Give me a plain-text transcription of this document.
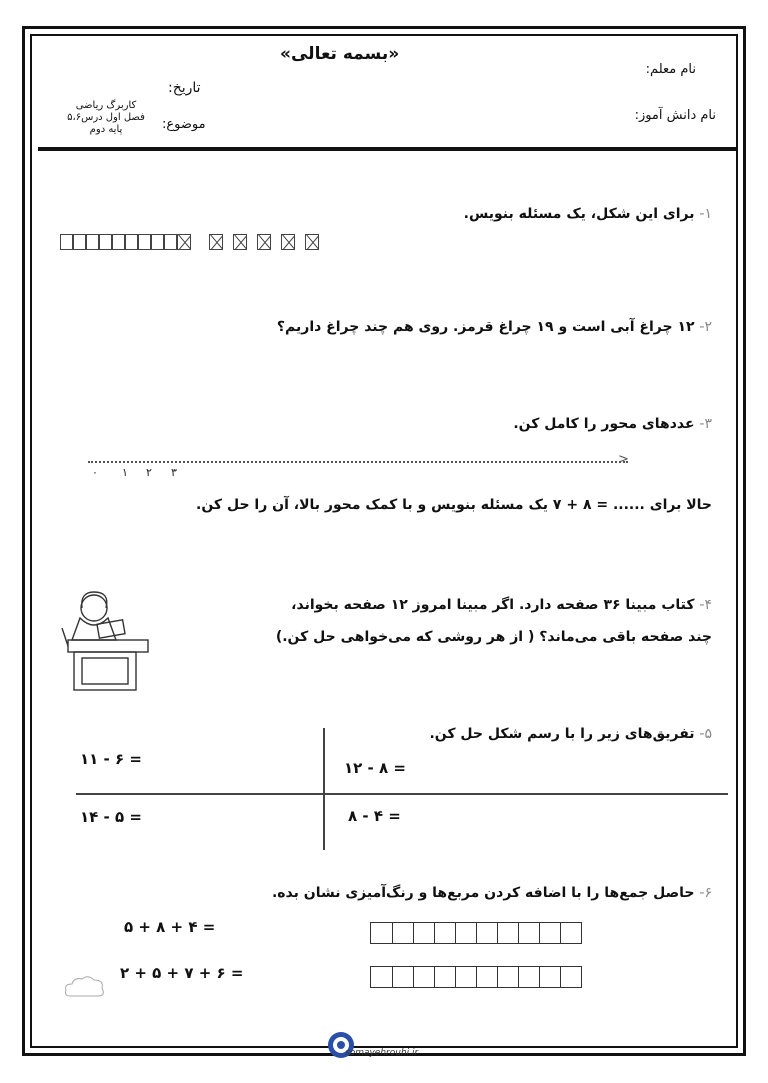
«بسمه تعالی»
نام معلم:
نام دانش آموز:
تاریخ:
موضوع:
کاربرگ ریاضی
فصل اول درس۵،۶
پایه دوم
۱- برای این شکل، یک مسئله بنویس.
۲- ۱۲ چراغ آبی است و ۱۹ چراغ قرمز. روی هم چند چراغ داریم؟
۳- عددهای محور را کامل کن.
>
۰ ۱ ۲ ۳
حالا برای ...... = ۸ + ۷ یک مسئله بنویس و با کمک محور بالا، آن را حل کن.
۴- کتاب مبینا ۳۶ صفحه دارد. اگر مبینا امروز ۱۲ صفحه بخواند،
چند صفحه باقی می‌ماند؟ ( از هر روشی که می‌خواهی حل کن.)
۵- تفریق‌های زیر را با رسم شکل حل کن.
۱۱ - ۶ =	۱۲ - ۸ =
۱۴ - ۵ =	۸ - ۴ =
۶- حاصل جمع‌ها را با اضافه کردن مربع‌ها و رنگ‌آمیزی نشان بده.
۵ + ۸ + ۴ =
۲ + ۵ + ۷ + ۶ =
somayehrouhi.ir
